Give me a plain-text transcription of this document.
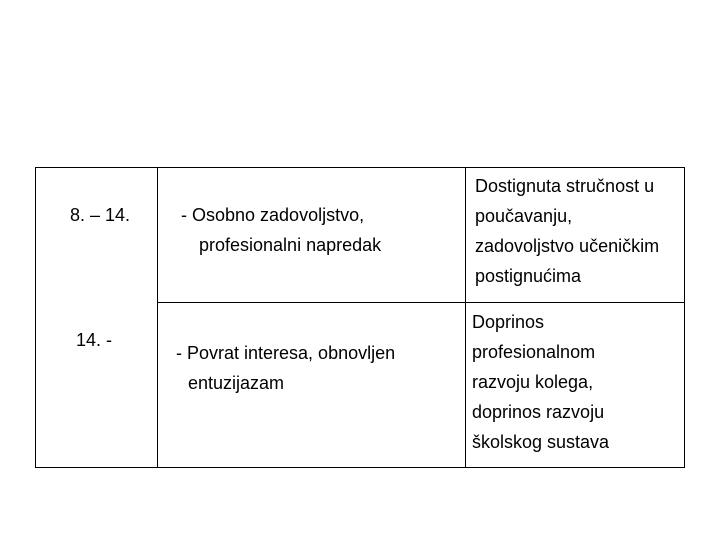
8. – 14.
14. -
- Osobno zadovoljstvo,
profesionalni napredak
- Povrat interesa, obnovljen
entuzijazam
Dostignuta stručnost u
poučavanju,
zadovoljstvo učeničkim
postignućima
Doprinos
profesionalnom
razvoju kolega,
doprinos razvoju
školskog sustava
